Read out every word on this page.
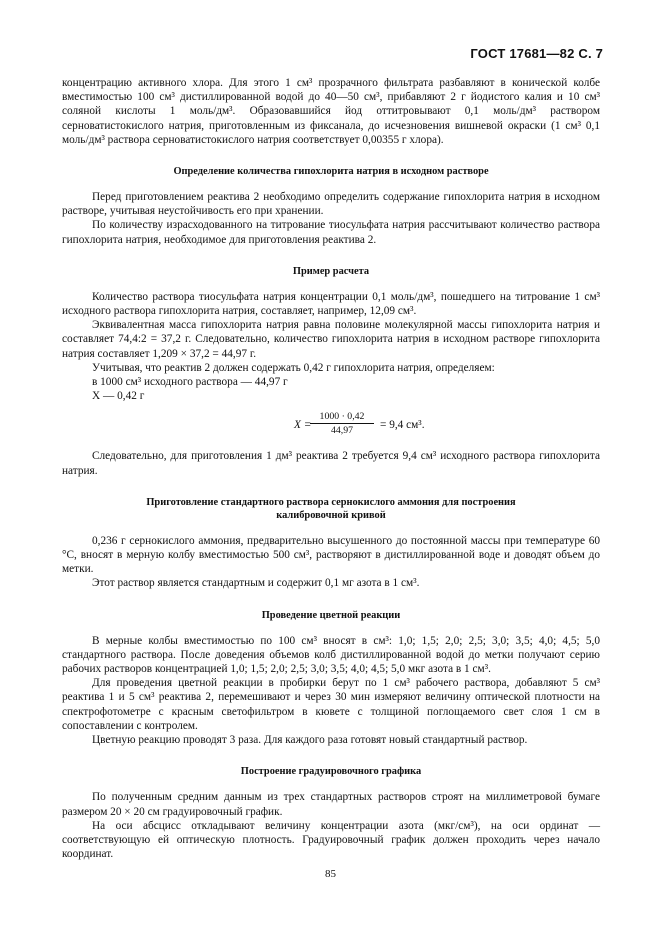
ГОСТ 17681—82 С. 7

концентрацию активного хлора. Для этого 1 см³ прозрачного фильтрата разбавляют в конической колбе вместимостью 100 см³ дистиллированной водой до 40—50 см³, прибавляют 2 г йодистого калия и 10 см³ соляной кислоты 1 моль/дм³. Образовавшийся йод оттитровывают 0,1 моль/дм³ раствором серноватистокислого натрия, приготовленным из фиксанала, до исчезновения вишневой окраски (1 см³ 0,1 моль/дм³ раствора серноватистокислого натрия соответствует 0,00355 г хлора).

Определение количества гипохлорита натрия в исходном растворе

Перед приготовлением реактива 2 необходимо определить содержание гипохлорита натрия в исходном растворе, учитывая неустойчивость его при хранении.

По количеству израсходованного на титрование тиосульфата натрия рассчитывают количество раствора гипохлорита натрия, необходимое для приготовления реактива 2.

Пример расчета

Количество раствора тиосульфата натрия концентрации 0,1 моль/дм³, пошедшего на титрование 1 см³ исходного раствора гипохлорита натрия, составляет, например, 12,09 см³.

Эквивалентная масса гипохлорита натрия равна половине молекулярной массы гипохлорита натрия и составляет 74,4:2 = 37,2 г. Следовательно, количество гипохлорита натрия в исходном растворе гипохлорита натрия составляет 1,209 × 37,2 = 44,97 г.

Учитывая, что реактив 2 должен содержать 0,42 г гипохлорита натрия, определяем:

в 1000 см³ исходного раствора — 44,97 г

X — 0,42 г

X =
$\frac{1000 \cdot 0,42}{44,97} = 9,4$ см³.

Следовательно, для приготовления 1 дм³ реактива 2 требуется 9,4 см³ исходного раствора гипохлорита натрия.

Приготовление стандартного раствора сернокислого аммония для построения
калибровочной кривой

0,236 г сернокислого аммония, предварительно высушенного до постоянной массы при температуре 60 °С, вносят в мерную колбу вместимостью 500 см³, растворяют в дистиллированной воде и доводят объем до метки.

Этот раствор является стандартным и содержит 0,1 мг азота в 1 см³.

Проведение цветной реакции

В мерные колбы вместимостью по 100 см³ вносят в см³: 1,0; 1,5; 2,0; 2,5; 3,0; 3,5; 4,0; 4,5; 5,0 стандартного раствора. После доведения объемов колб дистиллированной водой до метки получают серию рабочих растворов концентрацией 1,0; 1,5; 2,0; 2,5; 3,0; 3,5; 4,0; 4,5; 5,0 мкг азота в 1 см³.

Для проведения цветной реакции в пробирки берут по 1 см³ рабочего раствора, добавляют 5 см³ реактива 1 и 5 см³ реактива 2, перемешивают и через 30 мин измеряют величину оптической плотности на спектрофотометре с красным светофильтром в кювете с толщиной поглощаемого свет слоя 1 см в сопоставлении с контролем.

Цветную реакцию проводят 3 раза. Для каждого раза готовят новый стандартный раствор.

Построение градуировочного графика

По полученным средним данным из трех стандартных растворов строят на миллиметровой бумаге размером 20 × 20 см градуировочный график.

На оси абсцисс откладывают величину концентрации азота (мкг/см³), на оси ординат — соответствующую ей оптическую плотность. Градуировочный график должен проходить через начало координат.

85
